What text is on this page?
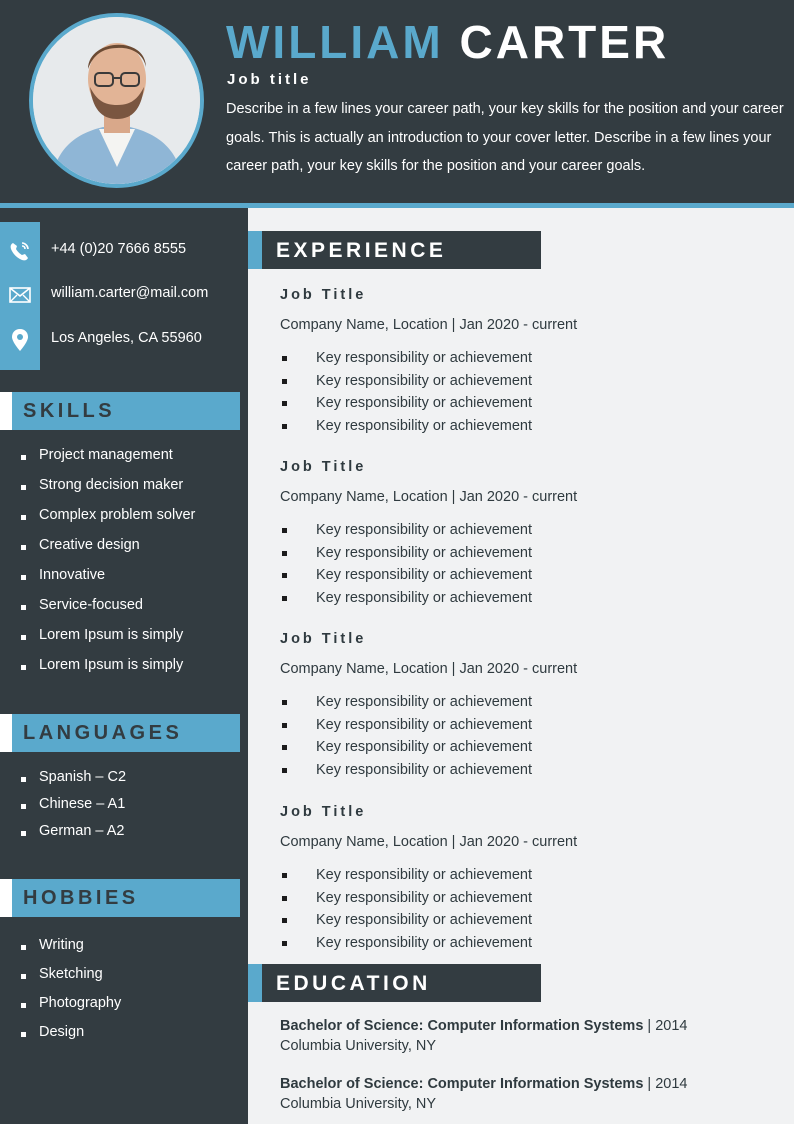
WILLIAM CARTER
Job title
Describe in a few lines your career path, your key skills for the position and your career goals. This is actually an introduction to your cover letter. Describe in a few lines your career path, your key skills for the position and your career goals.
+44 (0)20 7666 8555
william.carter@mail.com
Los Angeles, CA 55960
SKILLS
Project management
Strong decision maker
Complex problem solver
Creative design
Innovative
Service-focused
Lorem Ipsum is simply
Lorem Ipsum is simply
LANGUAGES
Spanish – C2
Chinese – A1
German – A2
HOBBIES
Writing
Sketching
Photography
Design
EXPERIENCE
Job Title
Company Name, Location | Jan 2020 - current
Key responsibility or achievement
Key responsibility or achievement
Key responsibility or achievement
Key responsibility or achievement
Job Title
Company Name, Location | Jan 2020 - current
Key responsibility or achievement
Key responsibility or achievement
Key responsibility or achievement
Key responsibility or achievement
Job Title
Company Name, Location | Jan 2020 - current
Key responsibility or achievement
Key responsibility or achievement
Key responsibility or achievement
Key responsibility or achievement
Job Title
Company Name, Location | Jan 2020 - current
Key responsibility or achievement
Key responsibility or achievement
Key responsibility or achievement
Key responsibility or achievement
EDUCATION
Bachelor of Science: Computer Information Systems | 2014
Columbia University, NY
Bachelor of Science: Computer Information Systems | 2014
Columbia University, NY
